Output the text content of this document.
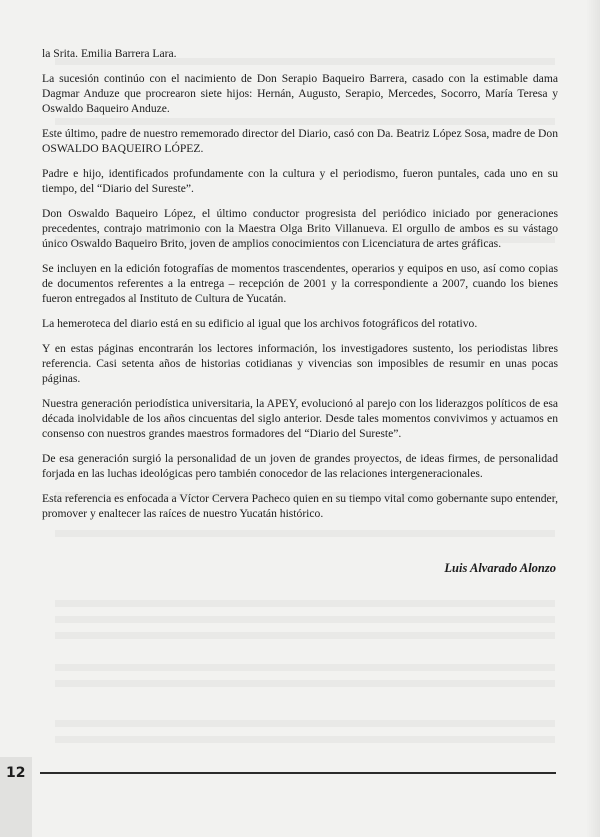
la Srita. Emilia Barrera Lara.

La sucesión continúo con el nacimiento de Don Serapio Baqueiro Barrera, casado con la estimable dama Dagmar Anduze que procrearon siete hijos: Hernán, Augusto, Serapio, Mercedes, Socorro, María Teresa y Oswaldo Baqueiro Anduze.

Este último, padre de nuestro rememorado director del Diario, casó con Da. Beatriz López Sosa, madre de Don OSWALDO BAQUEIRO LÓPEZ.

Padre e hijo, identificados profundamente con la cultura y el periodismo, fueron puntales, cada uno en su tiempo, del “Diario del Sureste”.

Don Oswaldo Baqueiro López, el último conductor progresista del periódico iniciado por generaciones precedentes, contrajo matrimonio con la Maestra Olga Brito Villanueva. El orgullo de ambos es su vástago único Oswaldo Baqueiro Brito, joven de amplios conocimientos con Licenciatura de artes gráficas.

Se incluyen en la edición fotografías de momentos trascendentes, operarios y equipos en uso, así como copias de documentos referentes a la entrega – recepción de 2001 y la correspondiente a 2007, cuando los bienes fueron entregados al Instituto de Cultura de Yucatán.

La hemeroteca del diario está en su edificio al igual que los archivos fotográficos del rotativo.

Y en estas páginas encontrarán los lectores información, los investigadores sustento, los periodistas libres referencia. Casi setenta años de historias cotidianas y vivencias son imposibles de resumir en unas pocas páginas.

Nuestra generación periodística universitaria, la APEY, evolucionó al parejo con los liderazgos políticos de esa década inolvidable de los años cincuentas del siglo anterior. Desde tales momentos convivimos y actuamos en consenso con nuestros grandes maestros formadores del “Diario del Sureste”.

De esa generación surgió la personalidad de un joven de grandes proyectos, de ideas firmes, de personalidad forjada en las luchas ideológicas pero también conocedor de las relaciones intergeneracionales.

Esta referencia es enfocada a Víctor Cervera Pacheco quien en su tiempo vital como gobernante supo entender, promover y enaltecer las raíces de nuestro Yucatán histórico.

Luis Alvarado Alonzo
12
